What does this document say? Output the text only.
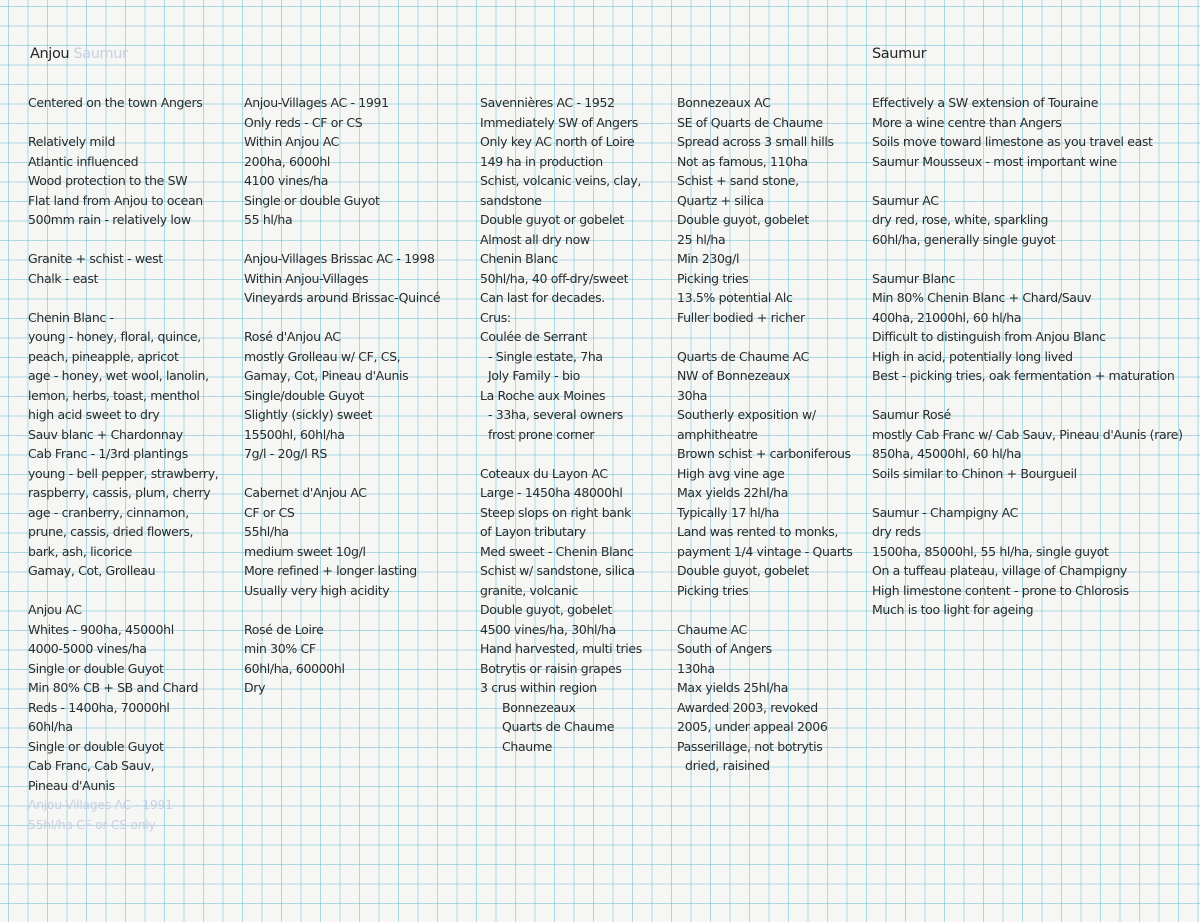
Anjou Saumur	Saumur
Centered on the town Angers
Relatively mild
Atlantic influenced
Wood protection to the SW
Flat land from Anjou to ocean
500mm rain - relatively low
Granite + schist - west
Chalk - east
Chenin Blanc -
young - honey, floral, quince,
peach, pineapple, apricot
age - honey, wet wool, lanolin,
lemon, herbs, toast, menthol
high acid sweet to dry
Sauv blanc + Chardonnay
Cab Franc - 1/3rd plantings
young - bell pepper, strawberry,
raspberry, cassis, plum, cherry
age - cranberry, cinnamon,
prune, cassis, dried flowers,
bark, ash, licorice
Gamay, Cot, Grolleau
Anjou AC
Whites - 900ha, 45000hl
4000-5000 vines/ha
Single or double Guyot
Min 80% CB + SB and Chard
Reds - 1400ha, 70000hl
60hl/ha
Single or double Guyot
Cab Franc, Cab Sauv,
Pineau d'Aunis
Anjou-Villages AC - 1991
55hl/ha CF or CS only
Anjou-Villages AC - 1991
Only reds - CF or CS
Within Anjou AC
200ha, 6000hl
4100 vines/ha
Single or double Guyot
55 hl/ha
Anjou-Villages Brissac AC - 1998
Within Anjou-Villages
Vineyards around Brissac-Quincé
Rosé d'Anjou AC
mostly Grolleau w/ CF, CS,
Gamay, Cot, Pineau d'Aunis
Single/double Guyot
Slightly (sickly) sweet
15500hl, 60hl/ha
7g/l - 20g/l RS
Cabernet d'Anjou AC
CF or CS
55hl/ha
medium sweet 10g/l
More refined + longer lasting
Usually very high acidity
Rosé de Loire
min 30% CF
60hl/ha, 60000hl
Dry
Savennières AC - 1952
Immediately SW of Angers
Only key AC north of Loire
149 ha in production
Schist, volcanic veins, clay,
sandstone
Double guyot or gobelet
Almost all dry now
Chenin Blanc
50hl/ha, 40 off-dry/sweet
Can last for decades.
Crus:
Coulée de Serrant
- Single estate, 7ha
Joly Family - bio
La Roche aux Moines
- 33ha, several owners
frost prone corner
Coteaux du Layon AC
Large - 1450ha 48000hl
Steep slops on right bank
of Layon tributary
Med sweet - Chenin Blanc
Schist w/ sandstone, silica
granite, volcanic
Double guyot, gobelet
4500 vines/ha, 30hl/ha
Hand harvested, multi tries
Botrytis or raisin grapes
3 crus within region
Bonnezeaux
Quarts de Chaume
Chaume
Bonnezeaux AC
SE of Quarts de Chaume
Spread across 3 small hills
Not as famous, 110ha
Schist + sand stone,
Quartz + silica
Double guyot, gobelet
25 hl/ha
Min 230g/l
Picking tries
13.5% potential Alc
Fuller bodied + richer
Quarts de Chaume AC
NW of Bonnezeaux
30ha
Southerly exposition w/
amphitheatre
Brown schist + carboniferous
High avg vine age
Max yields 22hl/ha
Typically 17 hl/ha
Land was rented to monks,
payment 1/4 vintage - Quarts
Double guyot, gobelet
Picking tries
Chaume AC
South of Angers
130ha
Max yields 25hl/ha
Awarded 2003, revoked
2005, under appeal 2006
Passerillage, not botrytis
dried, raisined
Effectively a SW extension of Touraine
More a wine centre than Angers
Soils move toward limestone as you travel east
Saumur Mousseux - most important wine
Saumur AC
dry red, rose, white, sparkling
60hl/ha, generally single guyot
Saumur Blanc
Min 80% Chenin Blanc + Chard/Sauv
400ha, 21000hl, 60 hl/ha
Difficult to distinguish from Anjou Blanc
High in acid, potentially long lived
Best - picking tries, oak fermentation + maturation
Saumur Rosé
mostly Cab Franc w/ Cab Sauv, Pineau d'Aunis (rare)
850ha, 45000hl, 60 hl/ha
Soils similar to Chinon + Bourgueil
Saumur - Champigny AC
dry reds
1500ha, 85000hl, 55 hl/ha, single guyot
On a tuffeau plateau, village of Champigny
High limestone content - prone to Chlorosis
Much is too light for ageing
